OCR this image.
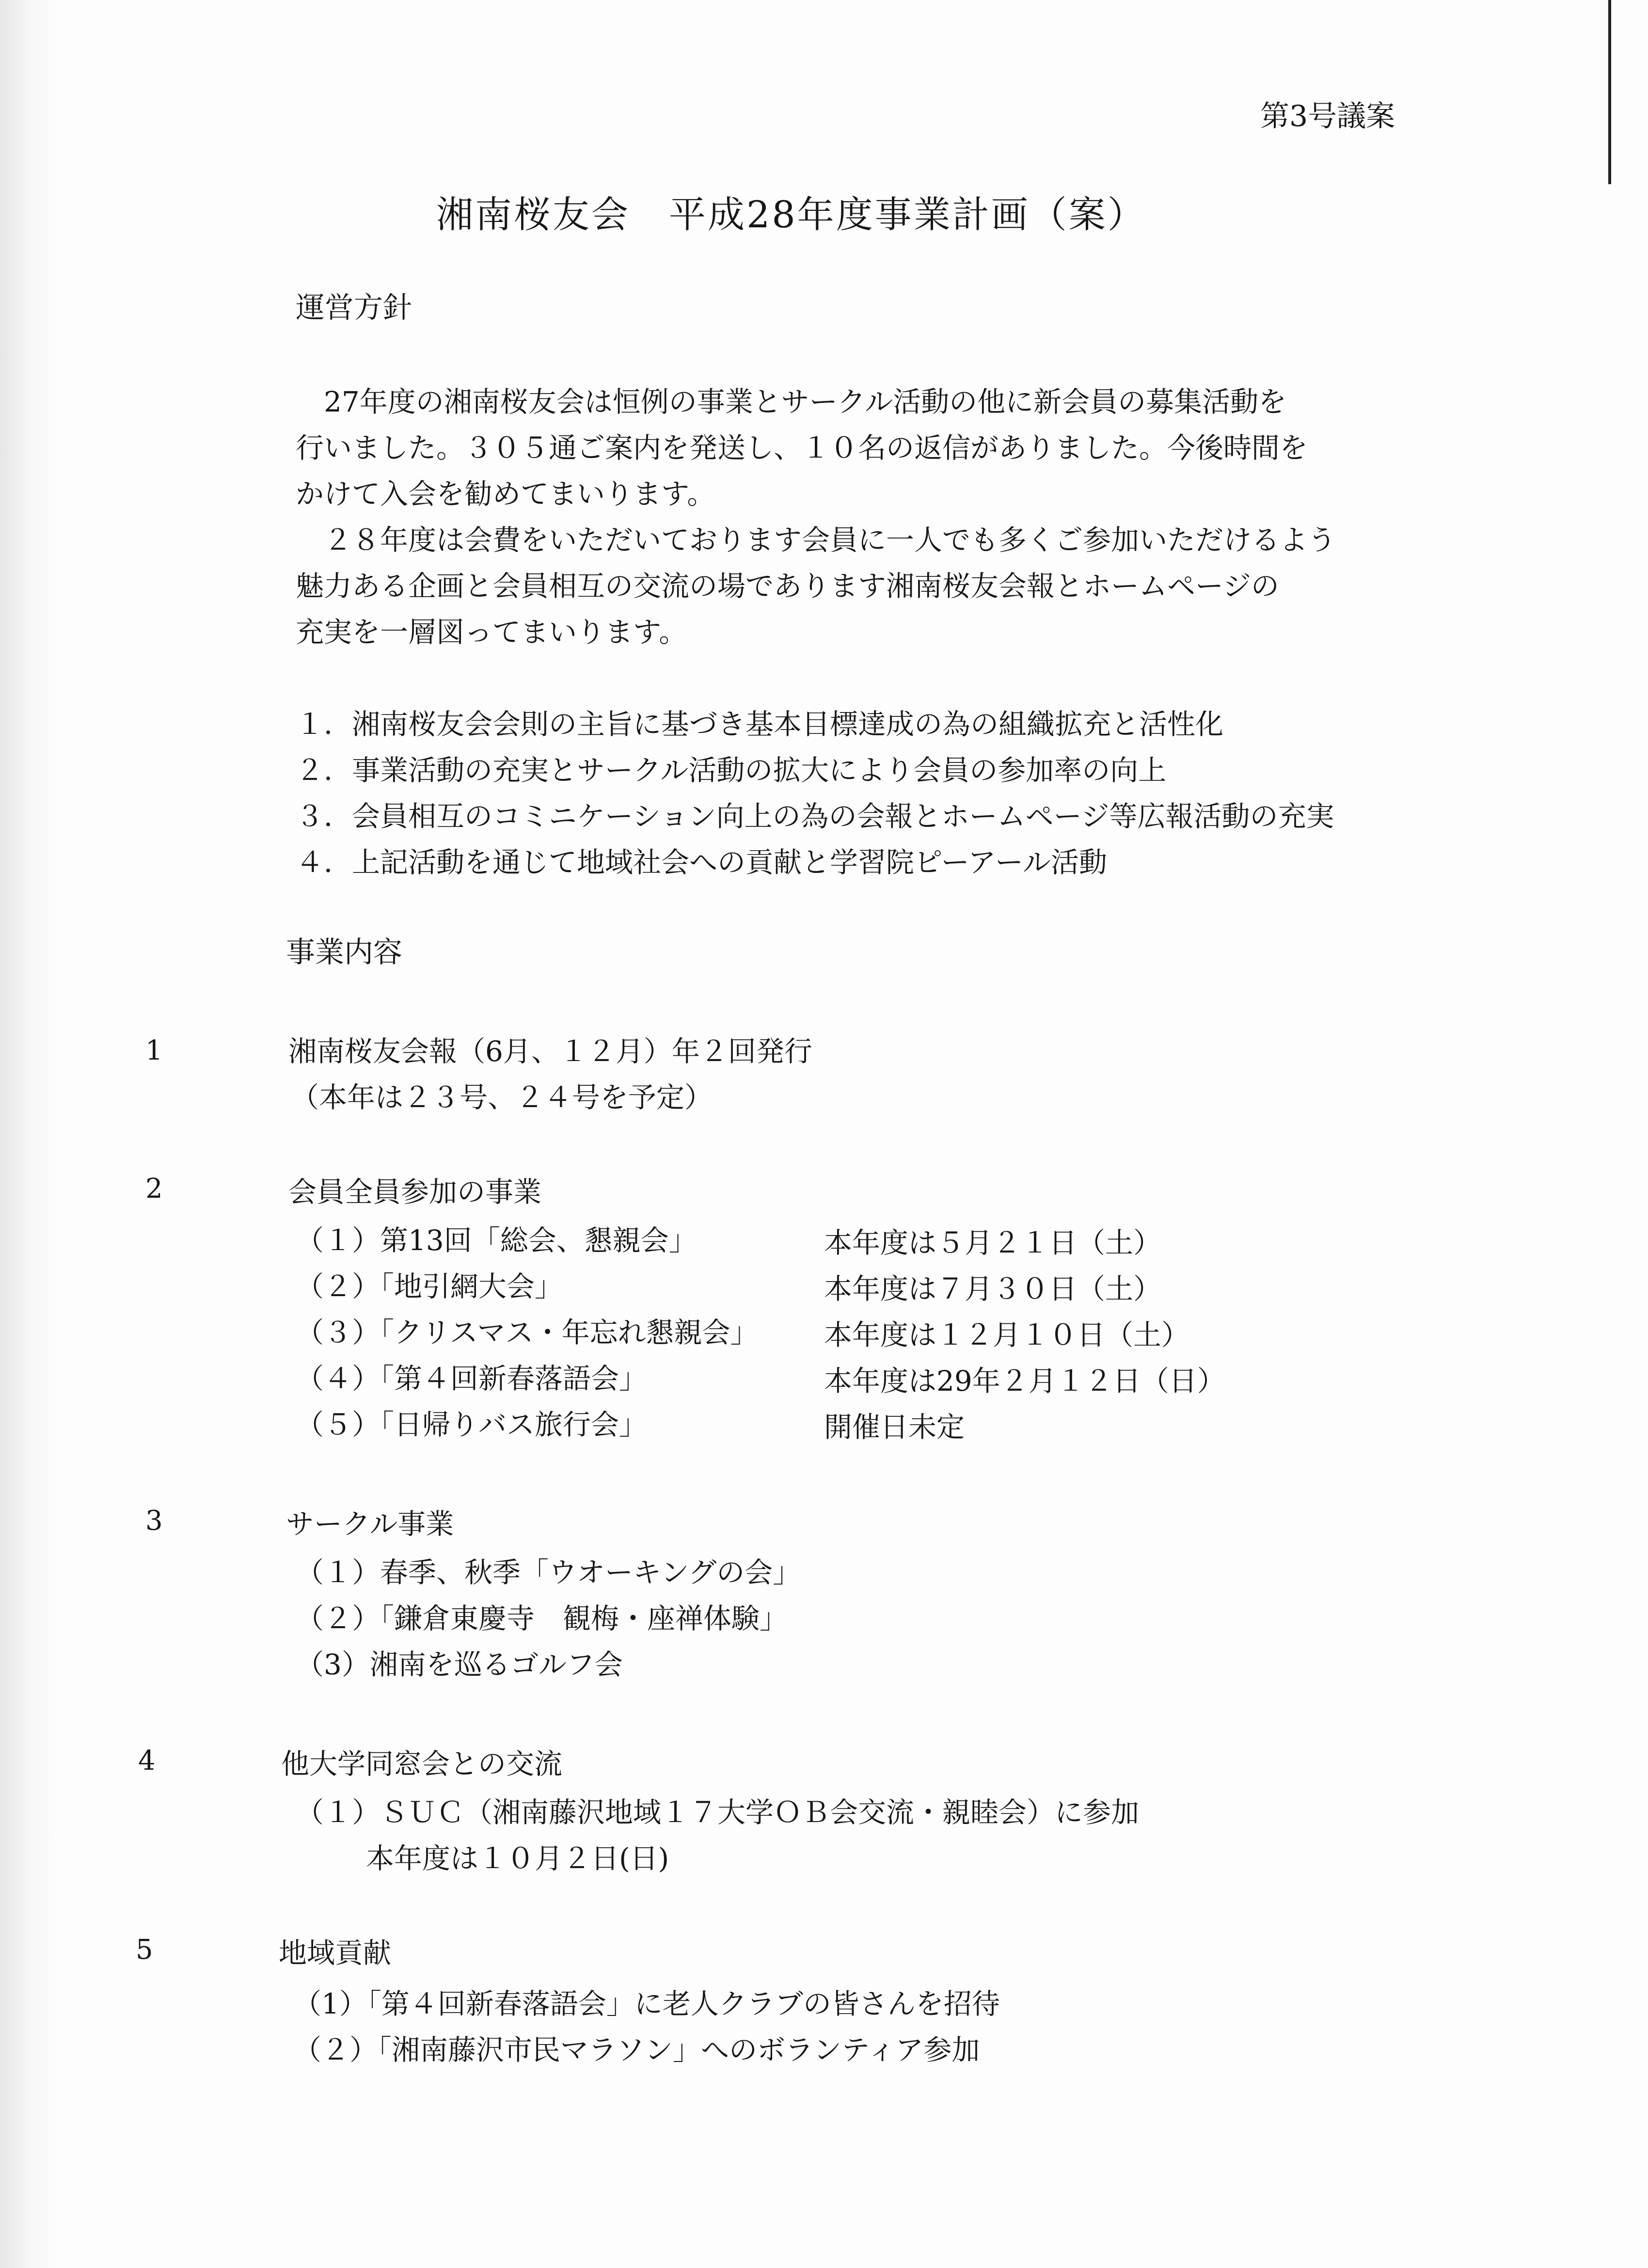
第3号議案
湘南桜友会　平成28年度事業計画（案）
運営方針
　27年度の湘南桜友会は恒例の事業とサークル活動の他に新会員の募集活動を
行いました。３０５通ご案内を発送し、１０名の返信がありました。今後時間を
かけて入会を勧めてまいります。
　２８年度は会費をいただいております会員に一人でも多くご参加いただけるよう
魅力ある企画と会員相互の交流の場であります湘南桜友会報とホームページの
充実を一層図ってまいります。
１．湘南桜友会会則の主旨に基づき基本目標達成の為の組織拡充と活性化
２．事業活動の充実とサークル活動の拡大により会員の参加率の向上
３．会員相互のコミニケーション向上の為の会報とホームページ等広報活動の充実
４．上記活動を通じて地域社会への貢献と学習院ピーアール活動
事業内容
1	湘南桜友会報（6月、１２月）年２回発行
（本年は２３号、２４号を予定）
2	会員全員参加の事業
（１）第13回「総会、懇親会」	本年度は５月２１日（土）
（２）「地引網大会」	本年度は７月３０日（土）
（３）「クリスマス・年忘れ懇親会」 本年度は１２月１０日（土）
（４）「第４回新春落語会」	本年度は29年２月１２日（日）
（５）「日帰りバス旅行会」	開催日未定
3	サークル事業
（１）春季、秋季「ウオーキングの会」
（２）「鎌倉東慶寺　観梅・座禅体験」
（3）湘南を巡るゴルフ会
4	他大学同窓会との交流
（１）ＳＵＣ（湘南藤沢地域１７大学ＯＢ会交流・親睦会）に参加
本年度は１０月２日(日)
5	地域貢献
（1）「第４回新春落語会」に老人クラブの皆さんを招待
（２）「湘南藤沢市民マラソン」へのボランティア参加
